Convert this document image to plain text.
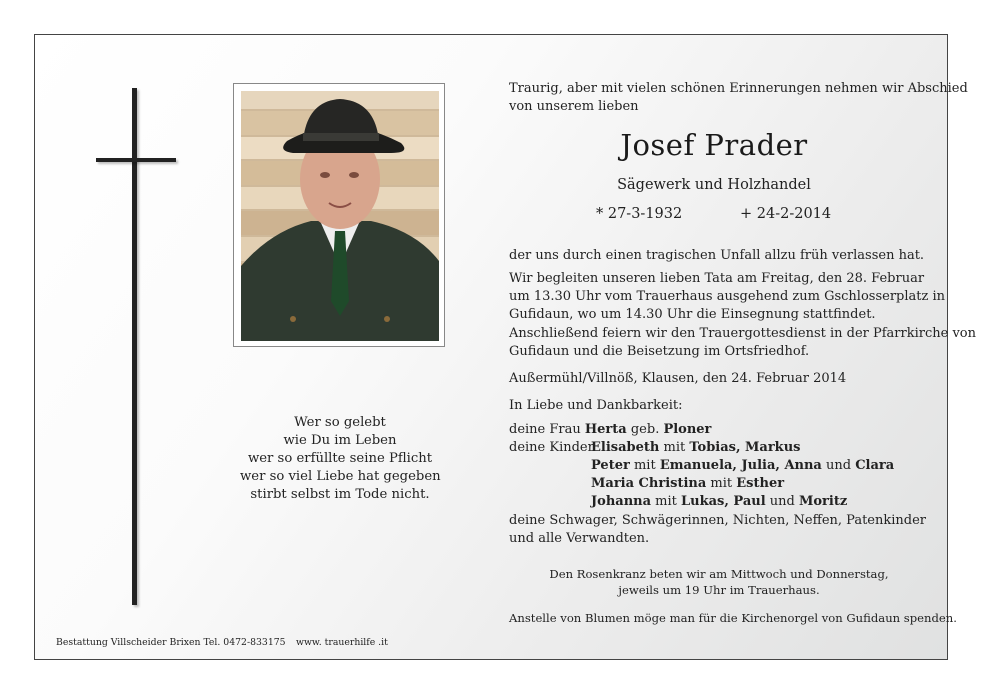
Wer so gelebt
wie Du im Leben
wer so erfüllte seine Pflicht
wer so viel Liebe hat gegeben
stirbt selbst im Tode nicht.
Bestattung Villscheider Brixen Tel. 0472-833175 www. trauerhilfe .it
Traurig, aber mit vielen schönen Erinnerungen nehmen wir Abschied
von unserem lieben
Josef Prader
Sägewerk und Holzhandel
* 27-3-1932	+ 24-2-2014
der uns durch einen tragischen Unfall allzu früh verlassen hat.
Wir begleiten unseren lieben Tata am Freitag, den 28. Februar
um 13.30 Uhr vom Trauerhaus ausgehend zum Gschlosserplatz in
Gufidaun, wo um 14.30 Uhr die Einsegnung stattfindet.
Anschließend feiern wir den Trauergottesdienst in der Pfarrkirche von
Gufidaun und die Beisetzung im Ortsfriedhof.
Außermühl/Villnöß, Klausen, den 24. Februar 2014
In Liebe und Dankbarkeit:
deine Frau Herta geb. Ploner
deine Kinder
Elisabeth mit Tobias, Markus
Peter mit Emanuela, Julia, Anna und Clara
Maria Christina mit Esther
Johanna mit Lukas, Paul und Moritz
deine Schwager, Schwägerinnen, Nichten, Neffen, Patenkinder
und alle Verwandten.
Den Rosenkranz beten wir am Mittwoch und Donnerstag,
jeweils um 19 Uhr im Trauerhaus.
Anstelle von Blumen möge man für die Kirchenorgel von Gufidaun spenden.
